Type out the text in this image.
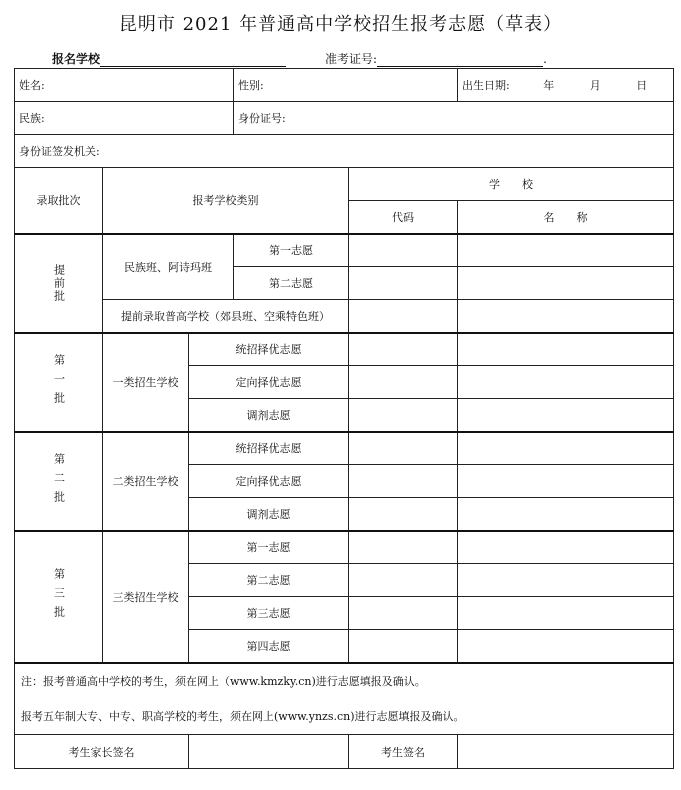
昆明市 2021 年普通高中学校招生报考志愿（草表）
报名学校	准考证号:	.
姓名:			性别:		出生日期: 年 月 日
民族:			身份证号:		
身份证签发机关:					
录取批次	报考学校类别			学　　校	
				代码	名　　称
提前批	民族班、阿诗玛班		第一志愿		
			第二志愿		
	提前录取普高学校（郊县班、空乘特色班）				
第一批	一类招生学校	统招择优志愿			
		定向择优志愿			
		调剂志愿			
第二批	二类招生学校	统招择优志愿			
		定向择优志愿			
		调剂志愿			
第三批	三类招生学校	第一志愿			
		第二志愿			
		第三志愿			
		第四志愿			
注：报考普通高中学校的考生，须在网上（www.kmzky.cn)进行志愿填报及确认。					
报考五年制大专、中专、职高学校的考生，须在网上(www.ynzs.cn)进行志愿填报及确认。					
考生家长签名				考生签名	
